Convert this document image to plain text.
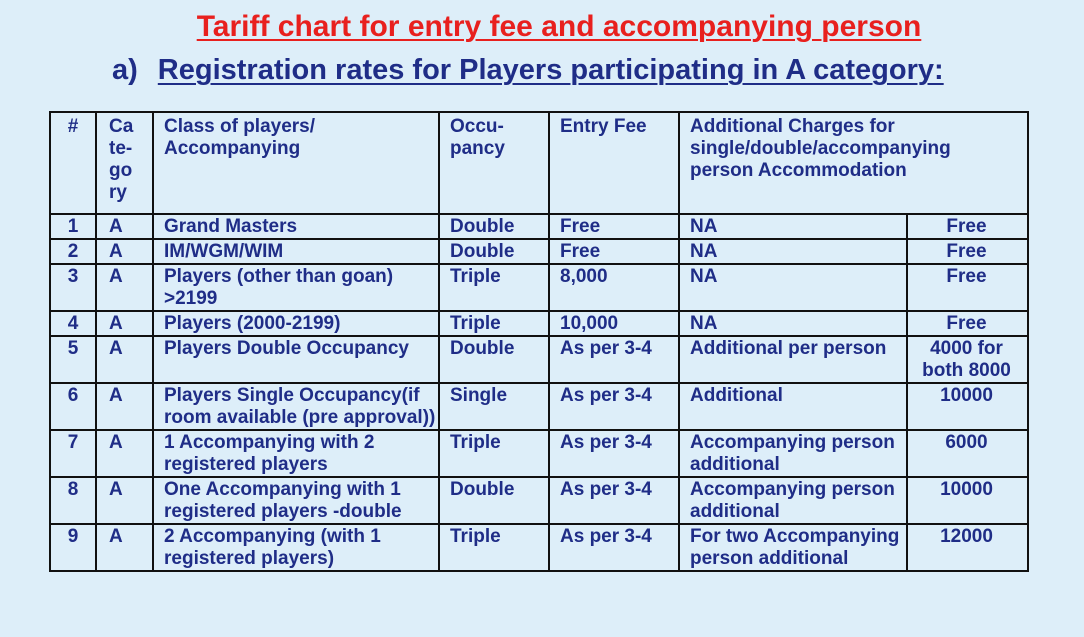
Tariff chart for entry fee and accompanying person
a) Registration rates for Players participating in A category:
#	Ca te- go ry	Class of players/ Accompanying	Occu- pancy	Entry Fee	Additional Charges for single/double/accompanying person Accommodation	

1	A	Grand Masters	Double	Free	NA	Free
2	A	IM/WGM/WIM	Double	Free	NA	Free
3	A	Players (other than goan) >2199	Triple	8,000	NA	Free
4	A	Players (2000-2199)	Triple	10,000	NA	Free
5	A	Players Double Occupancy	Double	As per 3-4	Additional per person	4000 for both 8000
6	A	Players Single Occupancy(if room available (pre approval))	Single	As per 3-4	Additional	10000
7	A	1 Accompanying with 2 registered players	Triple	As per 3-4	Accompanying person additional	6000
8	A	One Accompanying with 1 registered players -double	Double	As per 3-4	Accompanying person additional	10000
9	A	2 Accompanying (with 1 registered players)	Triple	As per 3-4	For two Accompanying person additional	12000
